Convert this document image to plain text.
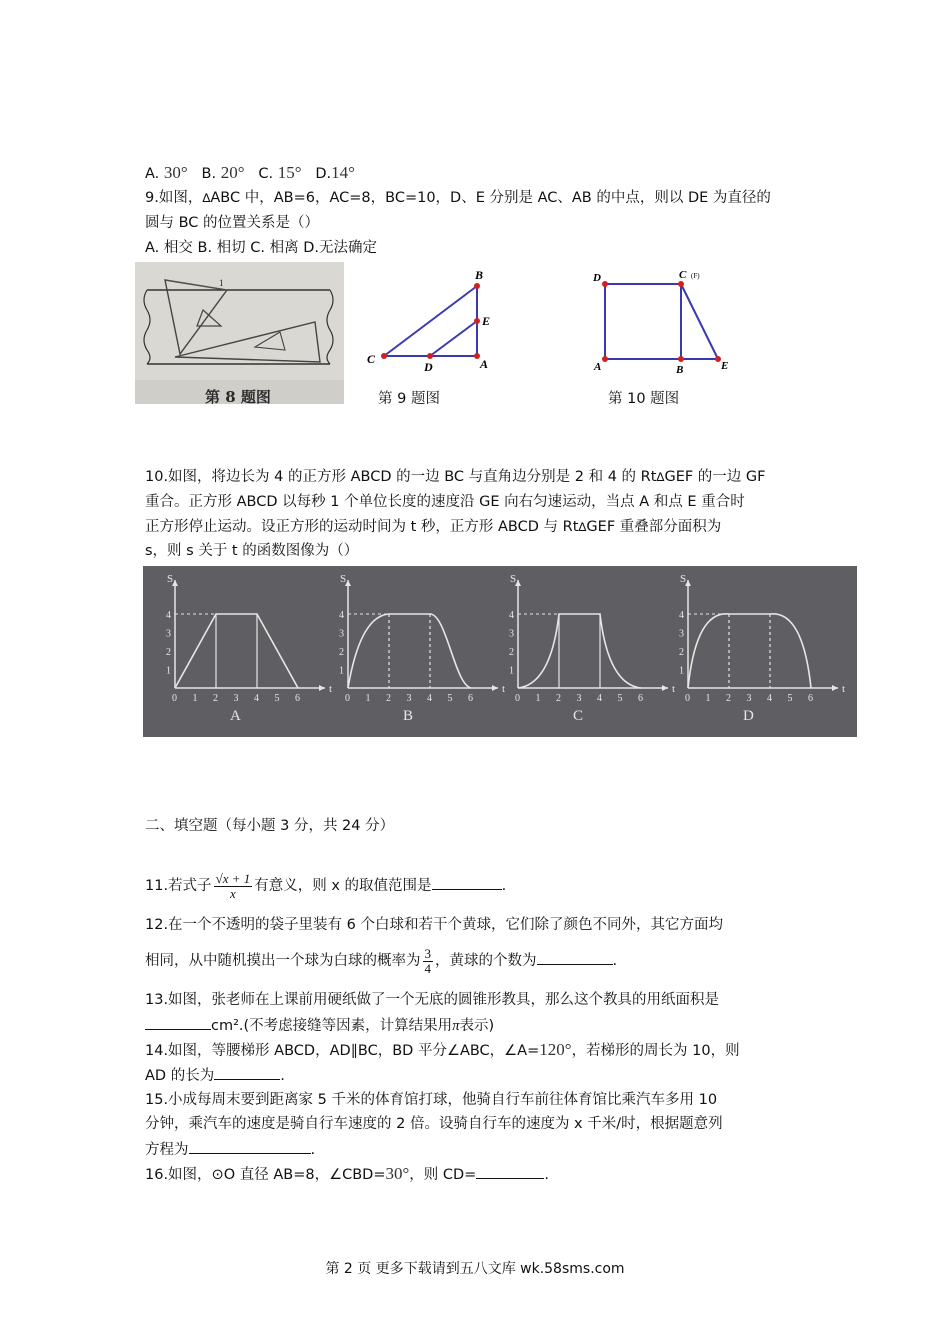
A. 30° B. 20° C. 15° D.14°
9.如图，∆ABC 中，AB=6，AC=8，BC=10，D、E 分别是 AC、AB 的中点，则以 DE 为直径的
圆与 BC 的位置关系是（）
A. 相交 B. 相切 C. 相离 D.无法确定
1
第 8 题图
B
E
C
D	A
第 9 题图
D	C (F)
A	B	E
第 10 题图
10.如图，将边长为 4 的正方形 ABCD 的一边 BC 与直角边分别是 2 和 4 的 Rt∆GEF 的一边 GF
重合。正方形 ABCD 以每秒 1 个单位长度的速度沿 GE 向右匀速运动，当点 A 和点 E 重合时
正方形停止运动。设正方形的运动时间为 t 秒，正方形 ABCD 与 Rt∆GEF 重叠部分面积为
s，则 s 关于 t 的函数图像为（）
S
t
0 1 2 3 4 5 6
1
2
3
4
A
S
t
0 1 2 3 4 5 6
1
2
3
4
B
S
t
0 1 2 3 4 5 6
1
2
3
4
C
S
t
0 1 2 3 4 5 6
1
2
3
4
D
二、填空题（每小题 3 分，共 24 分）
11.若式子 $\frac{√x + 1}{x}$ 有意义，则 x 的取值范围是	.
12.在一个不透明的袋子里装有 6 个白球和若干个黄球，它们除了颜色不同外，其它方面均
相同，从中随机摸出一个球为白球的概率为 $\frac{3}{4}$ ，黄球的个数为	.
13.如图，张老师在上课前用硬纸做了一个无底的圆锥形教具，那么这个教具的用纸面积是
cm².(不考虑接缝等因素，计算结果用π表示)
14.如图，等腰梯形 ABCD，AD∥BC，BD 平分∠ABC，∠A=120°，若梯形的周长为 10，则
AD 的长为	.
15.小成每周末要到距离家 5 千米的体育馆打球，他骑自行车前往体育馆比乘汽车多用 10
分钟，乘汽车的速度是骑自行车速度的 2 倍。设骑自行车的速度为 x 千米/时，根据题意列
方程为	.
16.如图，⊙O 直径 AB=8，∠CBD=30°，则 CD=	.
第 2 页 更多下载请到五八文库 wk.58sms.com
